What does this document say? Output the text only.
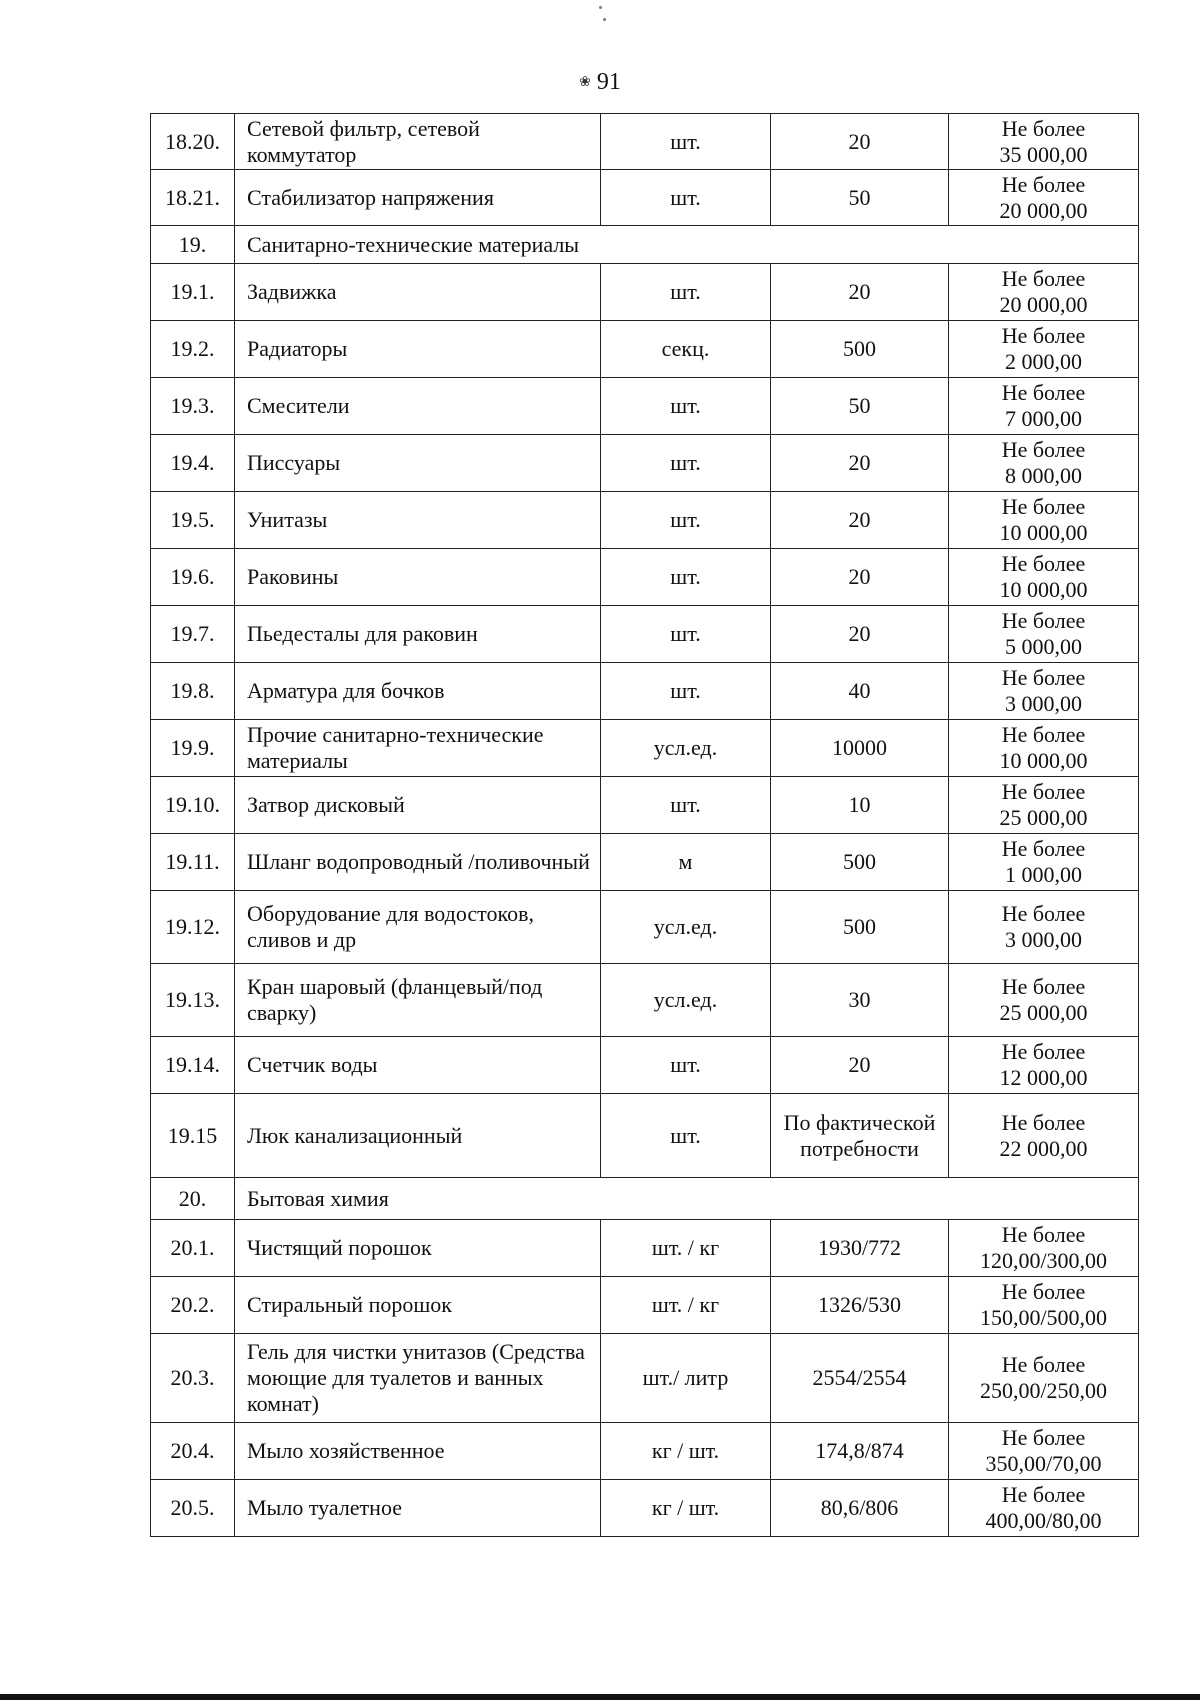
❀ 91
18.20.	Сетевой фильтр, сетевой коммутатор	шт.	20	Не более
35 000,00

18.21.	Стабилизатор напряжения	шт.	50	Не более
20 000,00

19.	Санитарно-технические материалы			
19.1.	Задвижка	шт.	20	Не более
20 000,00

19.2.	Радиаторы	секц.	500	Не более
2 000,00

19.3.	Смесители	шт.	50	Не более
7 000,00

19.4.	Писсуары	шт.	20	Не более
8 000,00

19.5.	Унитазы	шт.	20	Не более
10 000,00

19.6.	Раковины	шт.	20	Не более
10 000,00

19.7.	Пьедесталы для раковин	шт.	20	Не более
5 000,00

19.8.	Арматура для бочков	шт.	40	Не более
3 000,00

19.9.	Прочие санитарно-технические материалы	усл.ед.	10000	Не более
10 000,00

19.10.	Затвор дисковый	шт.	10	Не более
25 000,00

19.11.	Шланг водопроводный /поливочный	м	500	Не более
1 000,00

19.12.	Оборудование для водостоков, сливов и др	усл.ед.	500	Не более
3 000,00

19.13.	Кран шаровый (фланцевый/под сварку)	усл.ед.	30	Не более
25 000,00

19.14.	Счетчик воды	шт.	20	Не более
12 000,00

19.15	Люк канализационный	шт.	По фактической потребности	Не более
22 000,00

20.	Бытовая химия			
20.1.	Чистящий порошок	шт. / кг	1930/772	Не более
120,00/300,00

20.2.	Стиральный порошок	шт. / кг	1326/530	Не более
150,00/500,00

20.3.	Гель для чистки унитазов (Средства моющие для туалетов и ванных комнат)	шт./ литр	2554/2554	Не более
250,00/250,00

20.4.	Мыло хозяйственное	кг / шт.	174,8/874	Не более
350,00/70,00

20.5.	Мыло туалетное	кг / шт.	80,6/806	Не более
400,00/80,00
